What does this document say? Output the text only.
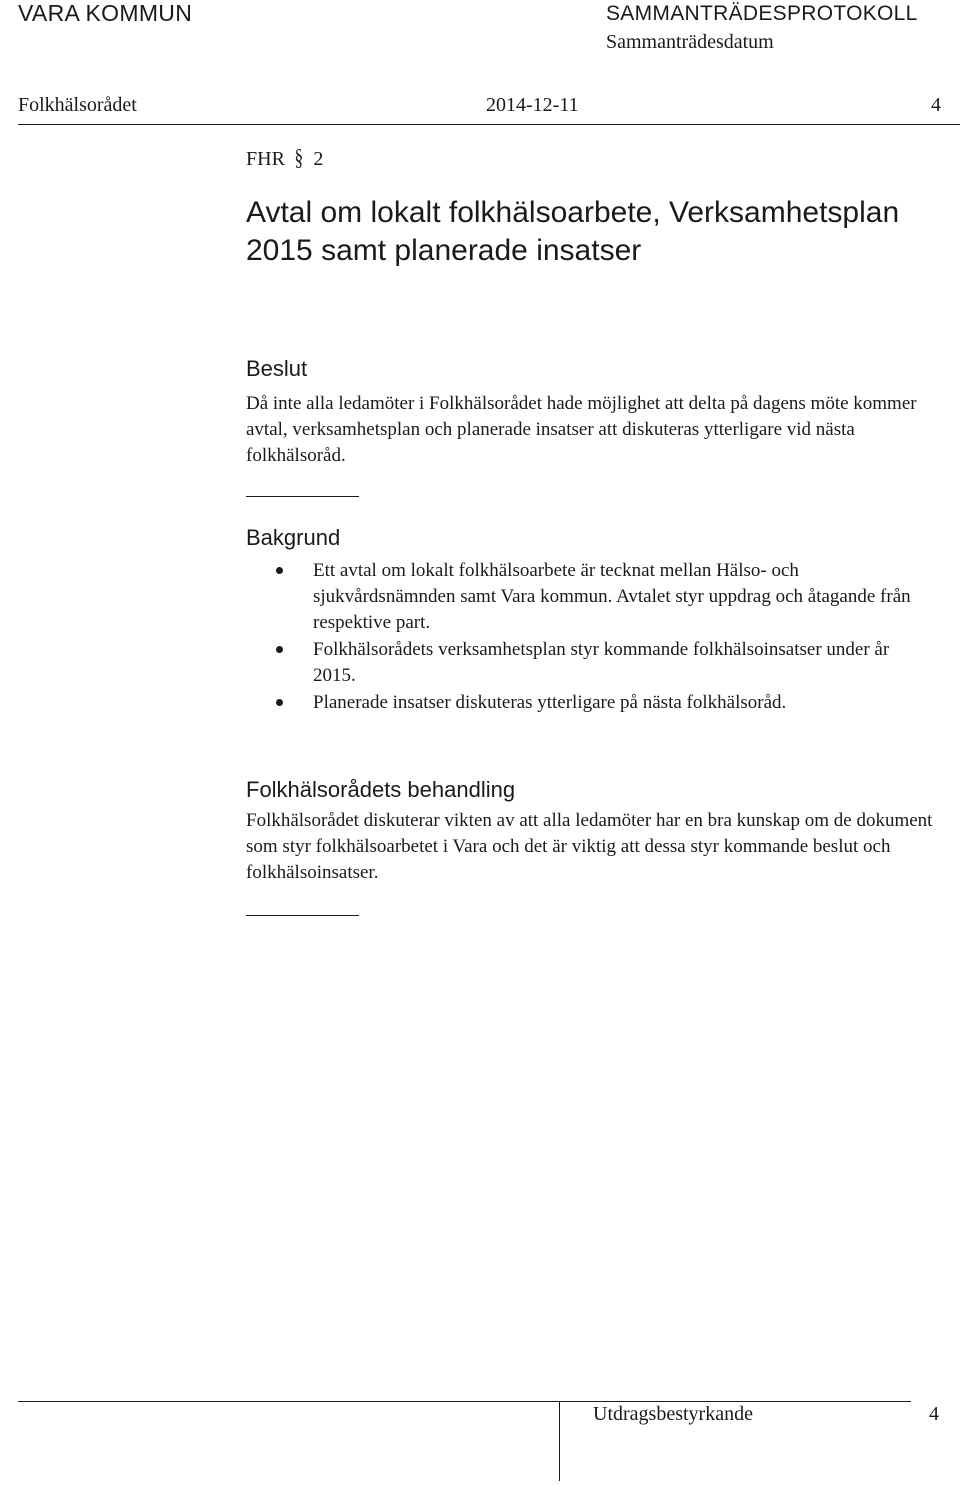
VARA KOMMUN	SAMMANTRÄDESPROTOKOLL
Sammanträdesdatum
Folkhälsorådet	2014-12-11	4
FHR § 2
Avtal om lokalt folkhälsoarbete, Verksamhetsplan 2015 samt planerade insatser
Beslut
Då inte alla ledamöter i Folkhälsorådet hade möjlighet att delta på dagens möte kommer avtal, verksamhetsplan och planerade insatser att diskuteras ytterligare vid nästa folkhälsoråd.
Bakgrund
Ett avtal om lokalt folkhälsoarbete är tecknat mellan Hälso- och sjukvårdsnämnden samt Vara kommun. Avtalet styr uppdrag och åtagande från respektive part.
Folkhälsorådets verksamhetsplan styr kommande folkhälsoinsatser under år 2015.
Planerade insatser diskuteras ytterligare på nästa folkhälsoråd.
Folkhälsorådets behandling
Folkhälsorådet diskuterar vikten av att alla ledamöter har en bra kunskap om de dokument som styr folkhälsoarbetet i Vara och det är viktig att dessa styr kommande beslut och folkhälsoinsatser.
Utdragsbestyrkande	4
